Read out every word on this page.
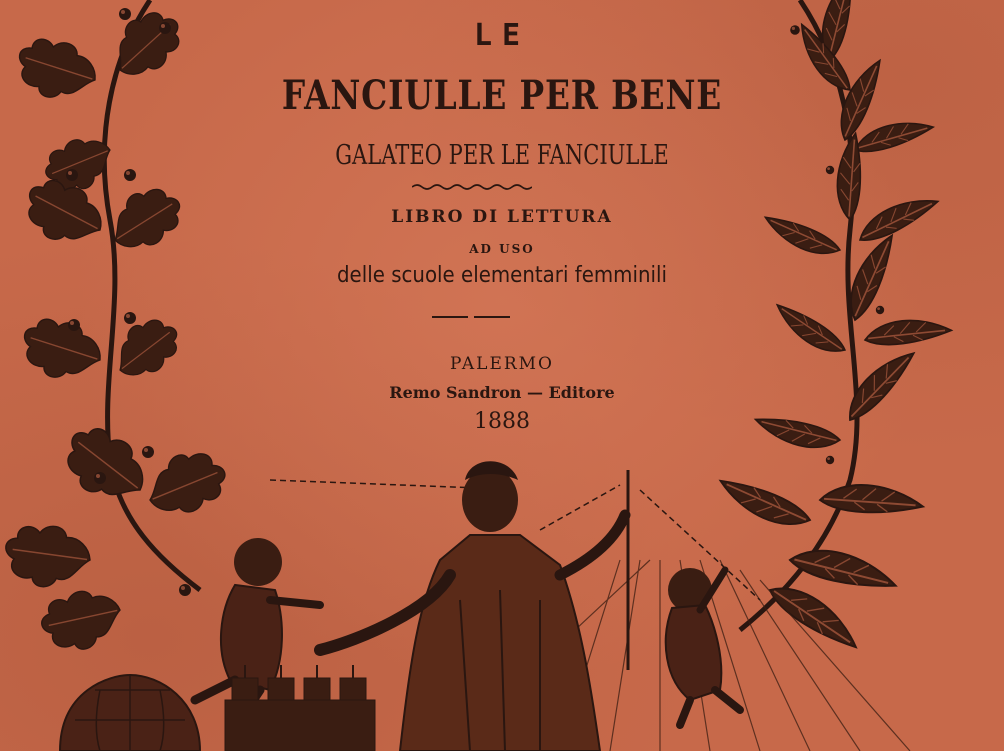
LE
FANCIULLE PER BENE
GALATEO PER LE FANCIULLE
LIBRO DI LETTURA
AD USO
delle scuole elementari femminili
PALERMO
Remo Sandron — Editore
1888
